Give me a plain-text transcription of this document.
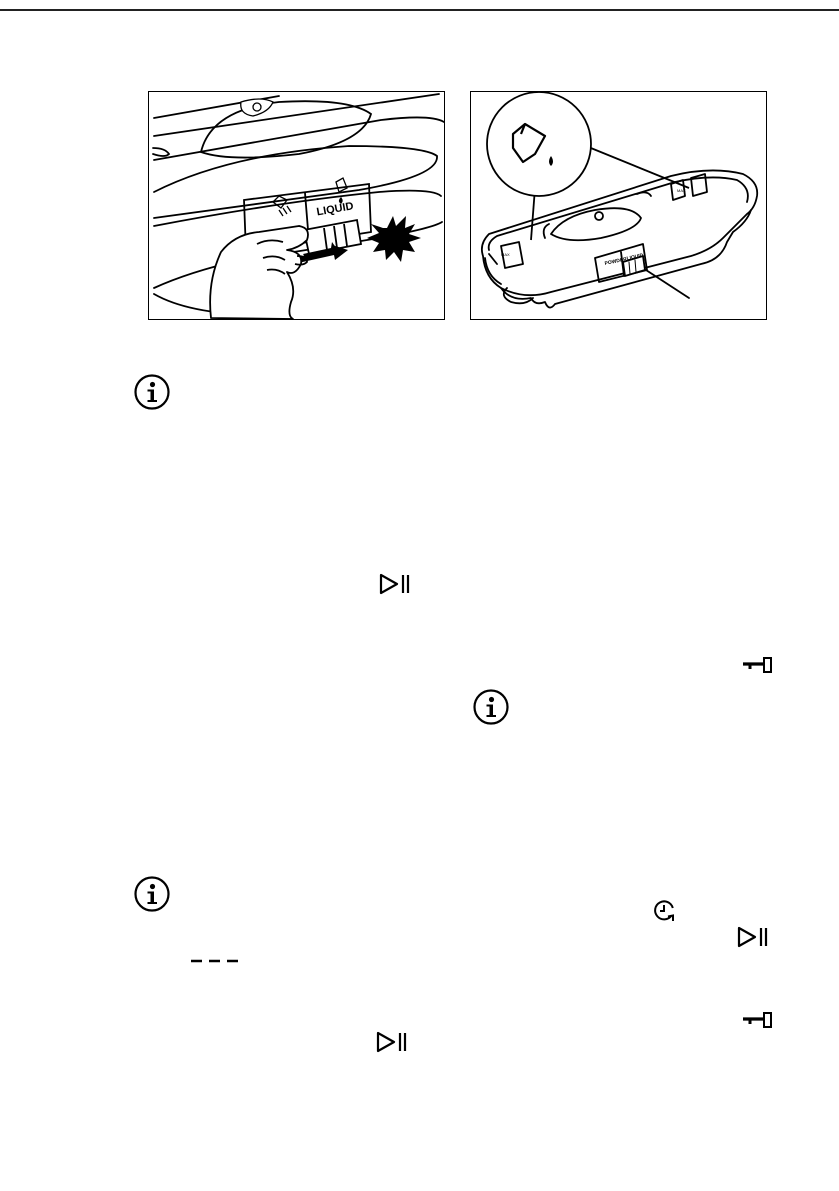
LIQUID
POWDER
LIQUID
MAX
MAX
